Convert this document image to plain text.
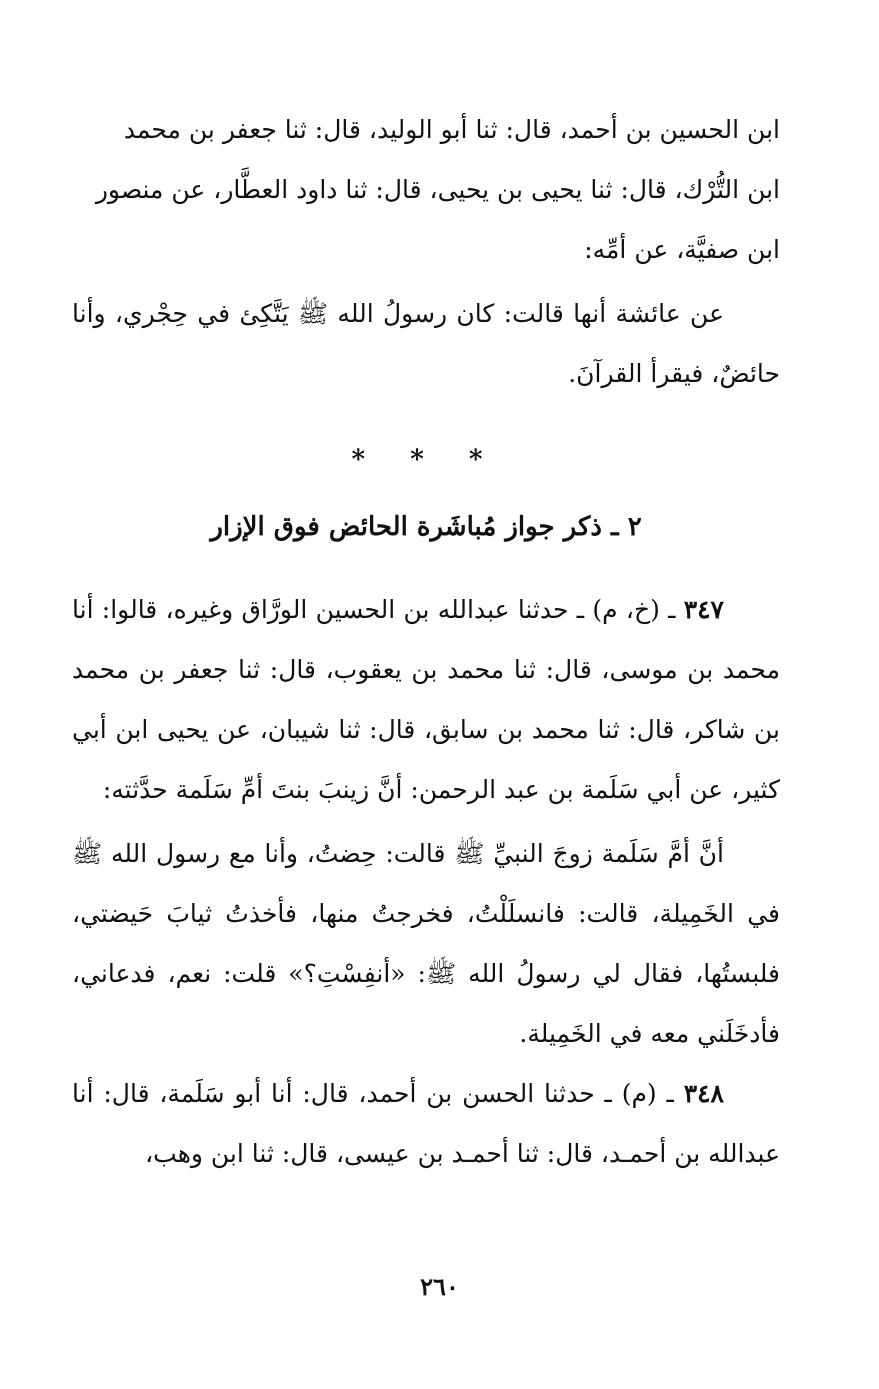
ابن الحسين بن أحمد، قال: ثنا أبو الوليد، قال: ثنا جعفر بن محمد
ابن التُّرْك، قال: ثنا يحيى بن يحيى، قال: ثنا داود العطَّار، عن منصور
ابن صفيَّة، عن أمِّه:

عن عائشة أنها قالت: كان رسولُ الله ﷺ يَتَّكِئ في حِجْري، وأنا حائضٌ، فيقرأ القرآنَ.

* * *
٢ ـ ذكر جواز مُباشَرة الحائض فوق الإزار

٣٤٧ ـ (خ، م) ـ حدثنا عبدالله بن الحسين الورَّاق وغيره، قالوا: أنا محمد بن موسى، قال: ثنا محمد بن يعقوب، قال: ثنا جعفر بن محمد بن شاكر، قال: ثنا محمد بن سابق، قال: ثنا شيبان، عن يحيى ابن أبي كثير، عن أبي سَلَمة بن عبد الرحمن: أنَّ زينبَ بنتَ أمِّ سَلَمة حدَّثته:

أنَّ أمَّ سَلَمة زوجَ النبيِّ ﷺ قالت: حِضتُ، وأنا مع رسول الله ﷺ في الخَمِيلة، قالت: فانسلَلْتُ، فخرجتُ منها، فأخذتُ ثيابَ حَيضتي، فلبستُها، فقال لي رسولُ الله ﷺ: «أنفِسْتِ؟» قلت: نعم، فدعاني، فأدخَلَني معه في الخَمِيلة.

٣٤٨ ـ (م) ـ حدثنا الحسن بن أحمد، قال: أنا أبو سَلَمة، قال: أنا عبدالله بن أحمـد، قال: ثنا أحمـد بن عيسى، قال: ثنا ابن وهب،

٢٦٠
